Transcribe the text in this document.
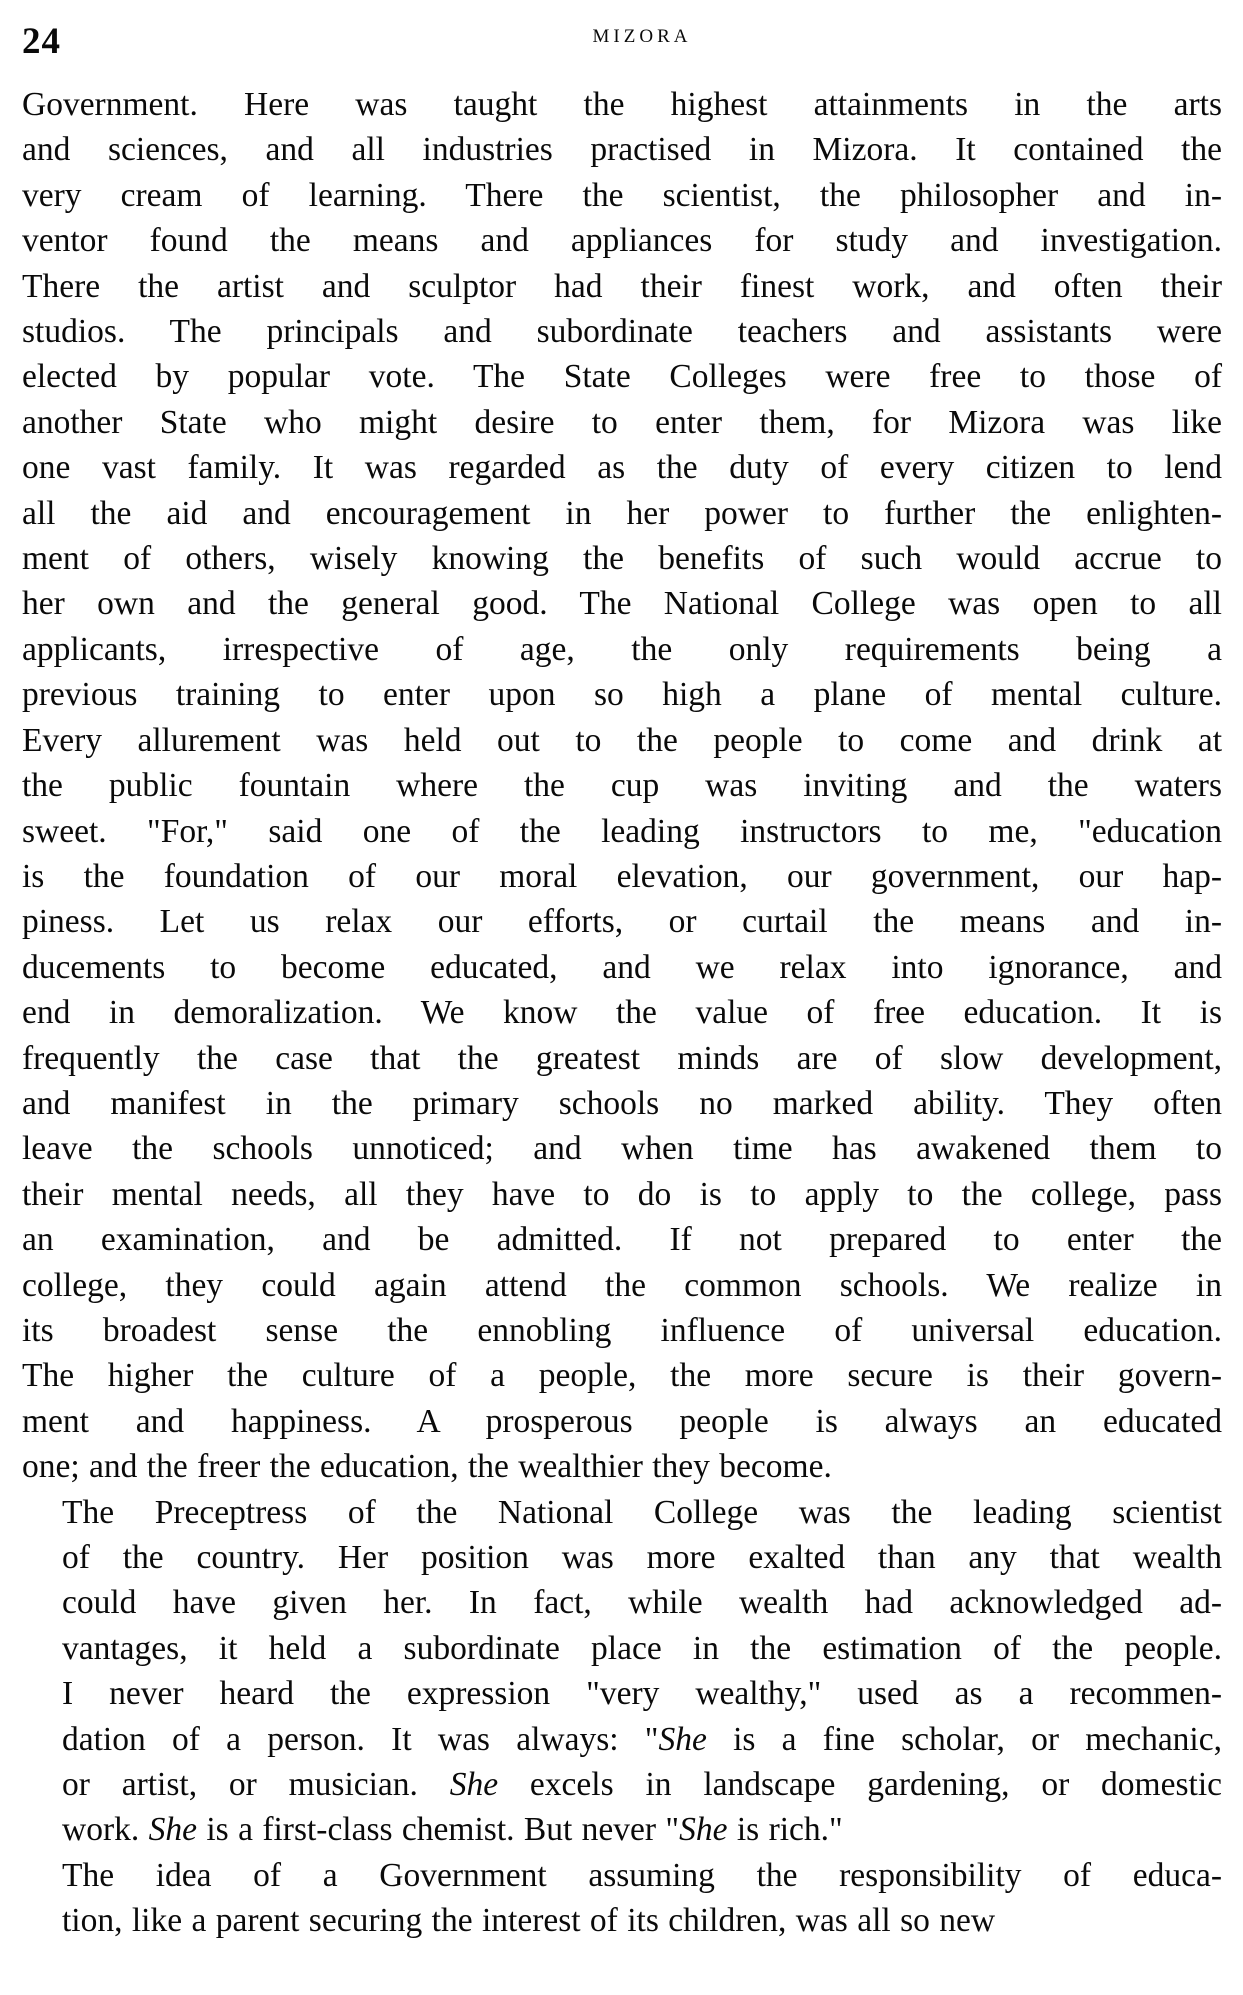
24	MIZORA

Government. Here was taught the highest attainments in the arts
and sciences, and all industries practised in Mizora. It contained the
very cream of learning. There the scientist, the philosopher and in-
ventor found the means and appliances for study and investigation.
There the artist and sculptor had their finest work, and often their
studios. The principals and subordinate teachers and assistants were
elected by popular vote. The State Colleges were free to those of
another State who might desire to enter them, for Mizora was like
one vast family. It was regarded as the duty of every citizen to lend
all the aid and encouragement in her power to further the enlighten-
ment of others, wisely knowing the benefits of such would accrue to
her own and the general good. The National College was open to all
applicants, irrespective of age, the only requirements being a
previous training to enter upon so high a plane of mental culture.
Every allurement was held out to the people to come and drink at
the public fountain where the cup was inviting and the waters
sweet. "For," said one of the leading instructors to me, "education
is the foundation of our moral elevation, our government, our hap-
piness. Let us relax our efforts, or curtail the means and in-
ducements to become educated, and we relax into ignorance, and
end in demoralization. We know the value of free education. It is
frequently the case that the greatest minds are of slow development,
and manifest in the primary schools no marked ability. They often
leave the schools unnoticed; and when time has awakened them to
their mental needs, all they have to do is to apply to the college, pass
an examination, and be admitted. If not prepared to enter the
college, they could again attend the common schools. We realize in
its broadest sense the ennobling influence of universal education.
The higher the culture of a people, the more secure is their govern-
ment and happiness. A prosperous people is always an educated
one; and the freer the education, the wealthier they become.

The Preceptress of the National College was the leading scientist
of the country. Her position was more exalted than any that wealth
could have given her. In fact, while wealth had acknowledged ad-
vantages, it held a subordinate place in the estimation of the people.
I never heard the expression "very wealthy," used as a recommen-
dation of a person. It was always: "She is a fine scholar, or mechanic,
or artist, or musician. She excels in landscape gardening, or domestic
work. She is a first-class chemist. But never "She is rich."

The idea of a Government assuming the responsibility of educa-
tion, like a parent securing the interest of its children, was all so new
